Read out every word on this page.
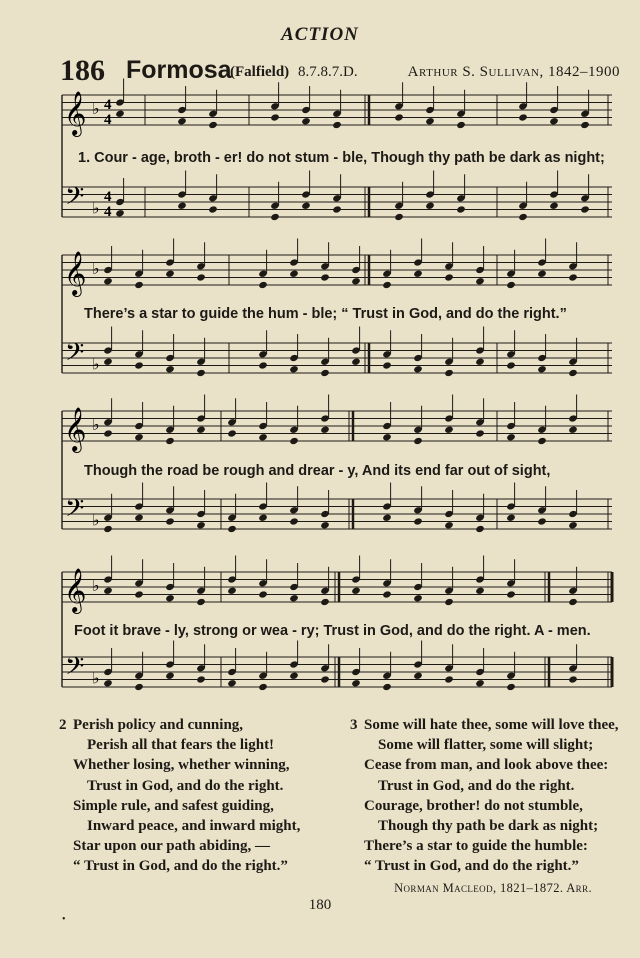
ACTION
186 Formosa
(Falfield) 8.7.8.7.D.	Arthur S. Sullivan, 1842–1900
𝄞
𝄢
♭
♭
4
4
4
4
𝄞
𝄢
♭
♭
𝄞
𝄢
♭
♭
𝄞
𝄢
♭
♭
1. Cour - age, broth - er! do not stum - ble, Though thy path be dark as night;
There’s a star to guide the hum - ble; “ Trust in God, and do the right.”
Though the road be rough and drear - y, And its end far out of sight,
Foot it brave - ly, strong or wea - ry; Trust in God, and do the right. A - men.
2 Perish policy and cunning,
Perish all that fears the light!
Whether losing, whether winning,
Trust in God, and do the right.
Simple rule, and safest guiding,
Inward peace, and inward might,
Star upon our path abiding, —
“ Trust in God, and do the right.”
3 Some will hate thee, some will love thee,
Some will flatter, some will slight;
Cease from man, and look above thee:
Trust in God, and do the right.
Courage, brother! do not stumble,
Though thy path be dark as night;
There’s a star to guide the humble:
“ Trust in God, and do the right.”
Norman Macleod, 1821–1872. Arr.
180
•
